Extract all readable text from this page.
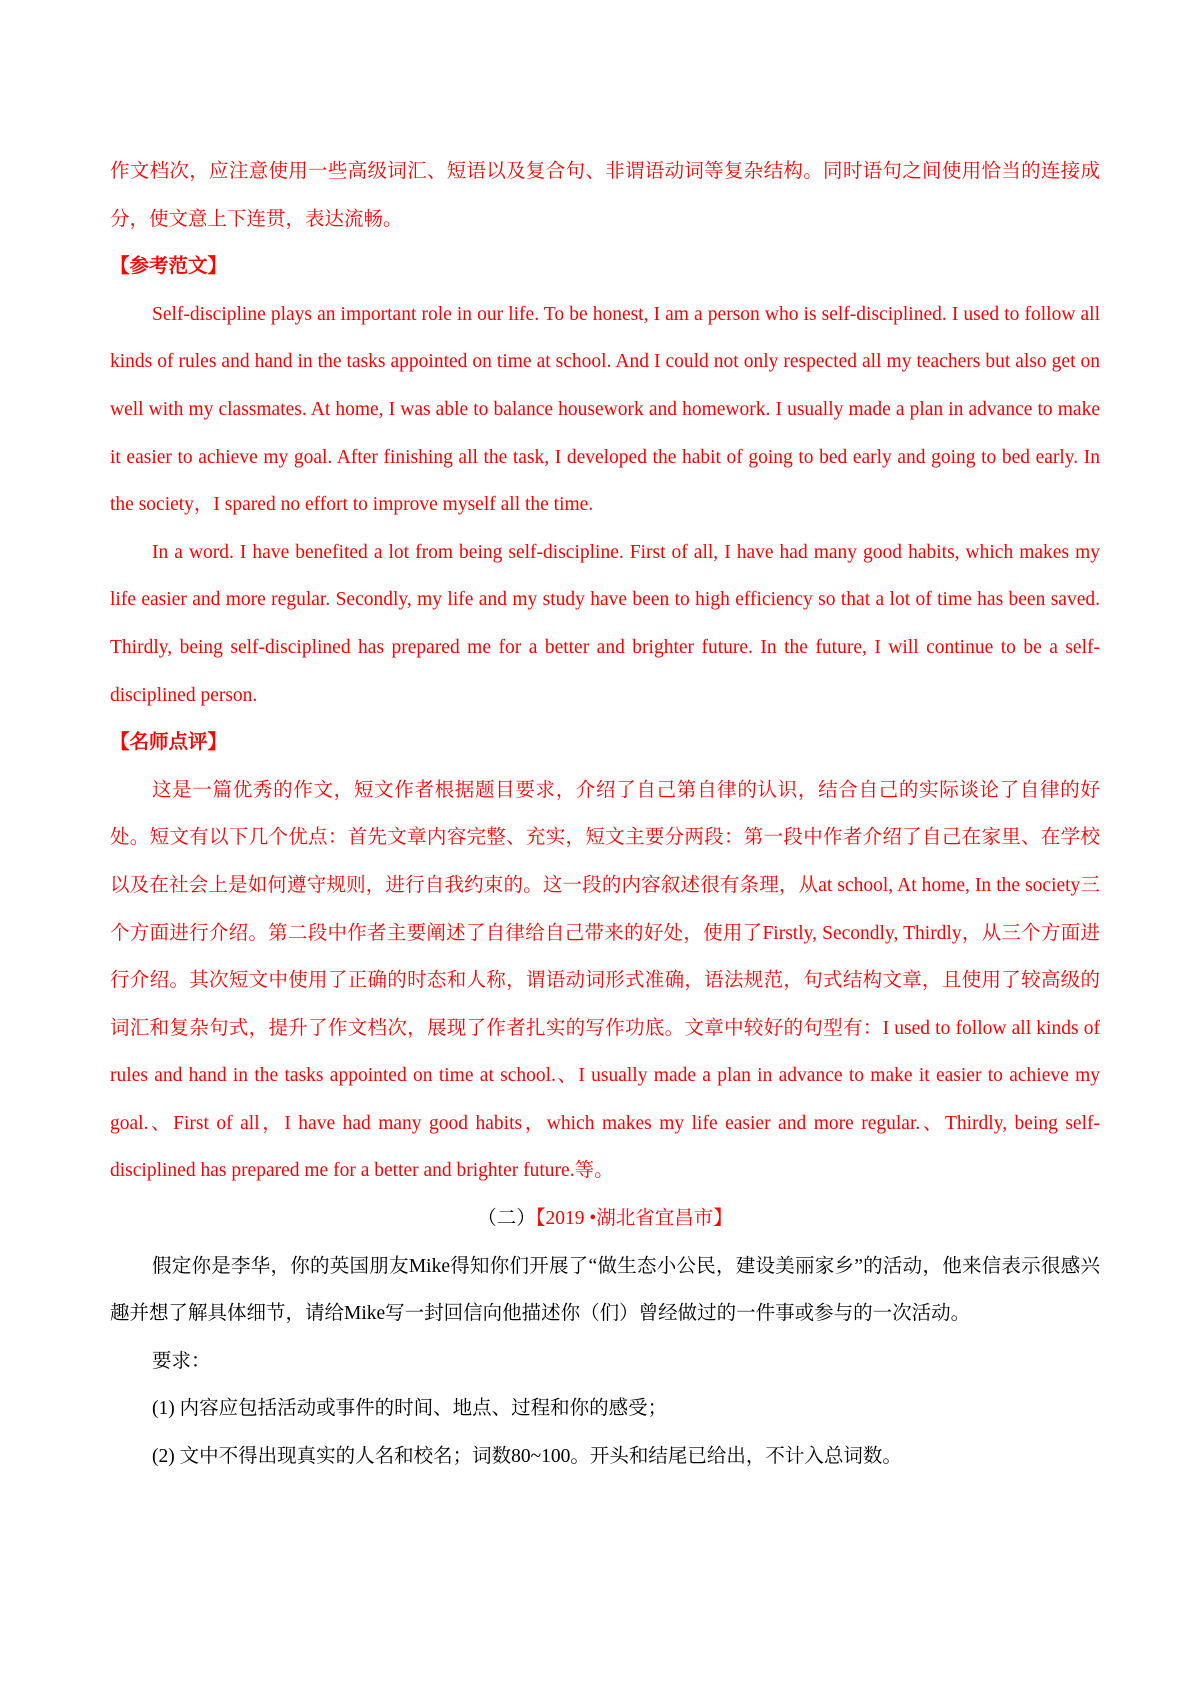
作文档次，应注意使用一些高级词汇、短语以及复合句、非谓语动词等复杂结构。同时语句之间使用恰当的连接成分，使文意上下连贯，表达流畅。

【参考范文】

Self-discipline plays an important role in our life. To be honest, I am a person who is self-disciplined. I used to follow all kinds of rules and hand in the tasks appointed on time at school. And I could not only respected all my teachers but also get on well with my classmates. At home, I was able to balance housework and homework. I usually made a plan in advance to make it easier to achieve my goal. After finishing all the task, I developed the habit of going to bed early and going to bed early. In the society，I spared no effort to improve myself all the time.

In a word. I have benefited a lot from being self-discipline. First of all, I have had many good habits, which makes my life easier and more regular. Secondly, my life and my study have been to high efficiency so that a lot of time has been saved. Thirdly, being self-disciplined has prepared me for a better and brighter future. In the future, I will continue to be a self-disciplined person.

【名师点评】

这是一篇优秀的作文，短文作者根据题目要求，介绍了自己第自律的认识，结合自己的实际谈论了自律的好处。短文有以下几个优点：首先文章内容完整、充实，短文主要分两段：第一段中作者介绍了自己在家里、在学校以及在社会上是如何遵守规则，进行自我约束的。这一段的内容叙述很有条理，从at school, At home, In the society三个方面进行介绍。第二段中作者主要阐述了自律给自己带来的好处，使用了Firstly, Secondly, Thirdly，从三个方面进行介绍。其次短文中使用了正确的时态和人称，谓语动词形式准确，语法规范，句式结构文章，且使用了较高级的词汇和复杂句式，提升了作文档次，展现了作者扎实的写作功底。文章中较好的句型有：I used to follow all kinds of rules and hand in the tasks appointed on time at school.、I usually made a plan in advance to make it easier to achieve my goal.、First of all，I have had many good habits，which makes my life easier and more regular.、Thirdly, being self-disciplined has prepared me for a better and brighter future.等。

（二）【2019 •湖北省宜昌市】

假定你是李华，你的英国朋友Mike得知你们开展了“做生态小公民，建设美丽家乡”的活动，他来信表示很感兴趣并想了解具体细节，请给Mike写一封回信向他描述你（们）曾经做过的一件事或参与的一次活动。

要求：

(1) 内容应包括活动或事件的时间、地点、过程和你的感受；

(2) 文中不得出现真实的人名和校名；词数80~100。开头和结尾已给出，不计入总词数。
